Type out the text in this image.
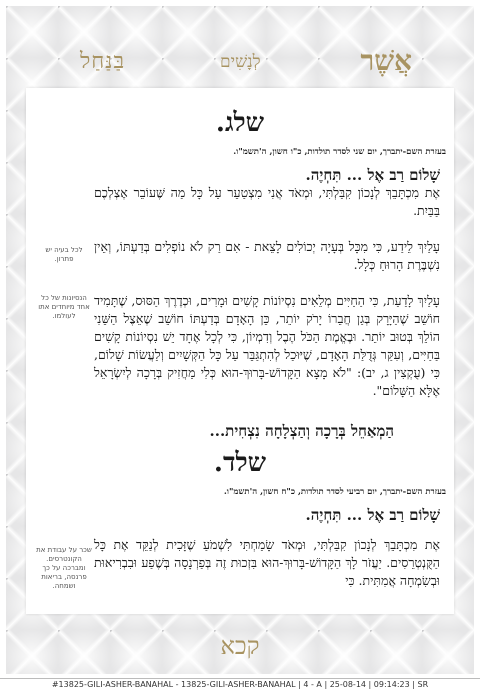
בַּנַּחַל	לְנָשִׁים	אֲשֶׁר
שלג.
בעזרת השם-יתברך, יום שני לסדר תולדות, כ"ו חשון, ה'תשמ"ו.
שָׁלוֹם רַב אֶל ... תִּחְיֶה.

אֶת מִכְתָּבֵךְ לְנָכוֹן קִבַּלְתִּי, וּמְאֹד אֲנִי מִצְטַעֵר עַל כָּל מַה שֶּׁעוֹבֵר אֶצְלְכֶם בַּבַּיִת.

עָלַיִךְ לֵידַע, כִּי מִכָּל בְּעָיָה יְכוֹלִים לָצֵאת - אִם רַק לֹא נוֹפְלִים בְּדַעְתּוֹ, וְאֵין נִשְׁבֶּרֶת הָרוּחַ כְּלָל.

עָלַיִךְ לָדַעַת, כִּי הַחַיִּים מְלֵאִים נִסְיוֹנוֹת קָשִׁים וּמָרִים, וּכְדֶרֶךְ הַסּוּס, שֶׁתָּמִיד חוֹשֵׁב שֶׁהַיָּרָק בְּגַן חֲבֵרוֹ יָרֹק יוֹתֵר, כֵּן הָאָדָם בְּדַעְתּוֹ חוֹשֵׁב שֶׁאֵצֶל הַשֵּׁנִי הוֹלֵךְ בְּטוּב יוֹתֵר. וּבֶאֱמֶת הַכֹּל הֶבֶל וְדִמְיוֹן, כִּי לְכָל אֶחָד יֵשׁ נִסְיוֹנוֹת קָשִׁים בַּחַיִּים, וְעִקַּר גְּדֻלַּת הָאָדָם, שֶׁיּוּכַל לְהִתְגַּבֵּר עַל כָּל הַקְּשָׁיִים וְלַעֲשׂוֹת שָׁלוֹם, כִּי (עֻקְצִין ג, יב): "לֹא מָצָא הַקָּדוֹשׁ-בָּרוּךְ-הוּא כְּלִי מַחֲזִיק בְּרָכָה לְיִשְׂרָאֵל אֶלָּא הַשָּׁלוֹם".

לכל בעיה יש פתרון.
הנסיונות של כל אחד מיוחדים אתו לעולמו.
הַמְאַחֵל בְּרָכָה וְהַצְלָחָה נִצְחִית...
שלד.
בעזרת השם-יתברך, יום רביעי לסדר תולדות, כ"ח חשון, ה'תשמ"ו.
שָׁלוֹם רַב אֶל ... תִּחְיֶה.

אֶת מִכְתָּבֵךְ לְנָכוֹן קִבַּלְתִּי, וּמְאֹד שָׂמַחְתִּי לִשְׁמֹעַ שֶׁזָּכִית לְנַקֵּד אֶת כָּל הַקֻּנְטְרֵסִים. יַעֲזֹר לָךְ הַקָּדוֹשׁ-בָּרוּךְ-הוּא בִּזְכוּת זֶה בְּפַרְנָסָה בְּשֶׁפַע וּבִבְרִיאוּת וּבְשִׂמְחָה אֲמִתִּית. כִּי

שכר על עבודת את הקונטרסים. ומברכה על כך פרנסה, בריאות ושמחה.
קכא
#13825-GILI-ASHER-BANAHAL - 13825-GILI-ASHER-BANAHAL | 4 - A | 25-08-14 | 09:14:23 | SR
